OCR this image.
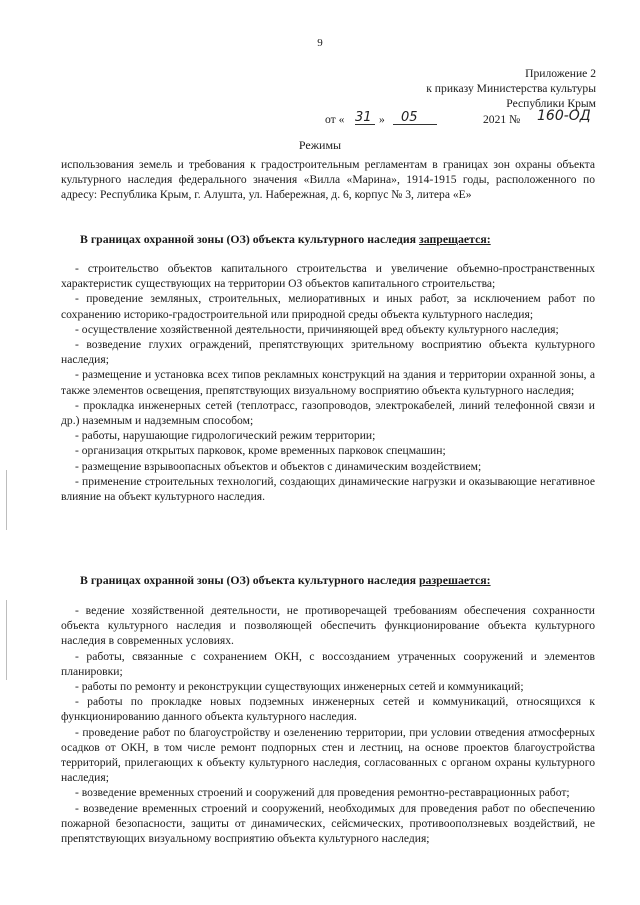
9
Приложение 2
к приказу Министерства культуры
Республики Крым
от « 31 » 05	2021 № 160-ОД
Режимы
использования земель и требования к градостроительным регламентам в границах зон охраны объекта культурного наследия федерального значения «Вилла «Марина», 1914-1915 годы, расположенного по адресу: Республика Крым, г. Алушта, ул. Набережная, д. 6, корпус № 3, литера «Е»
В границах охранной зоны (ОЗ) объекта культурного наследия запрещается:

- строительство объектов капитального строительства и увеличение объемно-пространственных характеристик существующих на территории ОЗ объектов капитального строительства;

- проведение земляных, строительных, мелиоративных и иных работ, за исключением работ по сохранению историко-градостроительной или природной среды объекта культурного наследия;

- осуществление хозяйственной деятельности, причиняющей вред объекту культурного наследия;

- возведение глухих ограждений, препятствующих зрительному восприятию объекта культурного наследия;

- размещение и установка всех типов рекламных конструкций на здания и территории охранной зоны, а также элементов освещения, препятствующих визуальному восприятию объекта культурного наследия;

- прокладка инженерных сетей (теплотрасс, газопроводов, электрокабелей, линий телефонной связи и др.) наземным и надземным способом;

- работы, нарушающие гидрологический режим территории;

- организация открытых парковок, кроме временных парковок спецмашин;

- размещение взрывоопасных объектов и объектов с динамическим воздействием;

- применение строительных технологий, создающих динамические нагрузки и оказывающие негативное влияние на объект культурного наследия.

В границах охранной зоны (ОЗ) объекта культурного наследия разрешается:

- ведение хозяйственной деятельности, не противоречащей требованиям обеспечения сохранности объекта культурного наследия и позволяющей обеспечить функционирование объекта культурного наследия в современных условиях.

- работы, связанные с сохранением ОКН, с воссозданием утраченных сооружений и элементов планировки;

- работы по ремонту и реконструкции существующих инженерных сетей и коммуникаций;

- работы по прокладке новых подземных инженерных сетей и коммуникаций, относящихся к функционированию данного объекта культурного наследия.

- проведение работ по благоустройству и озеленению территории, при условии отведения атмосферных осадков от ОКН, в том числе ремонт подпорных стен и лестниц, на основе проектов благоустройства территорий, прилегающих к объекту культурного наследия, согласованных с органом охраны культурного наследия;

- возведение временных строений и сооружений для проведения ремонтно-реставрационных работ;

- возведение временных строений и сооружений, необходимых для проведения работ по обеспечению пожарной безопасности, защиты от динамических, сейсмических, противооползневых воздействий, не препятствующих визуальному восприятию объекта культурного наследия;
